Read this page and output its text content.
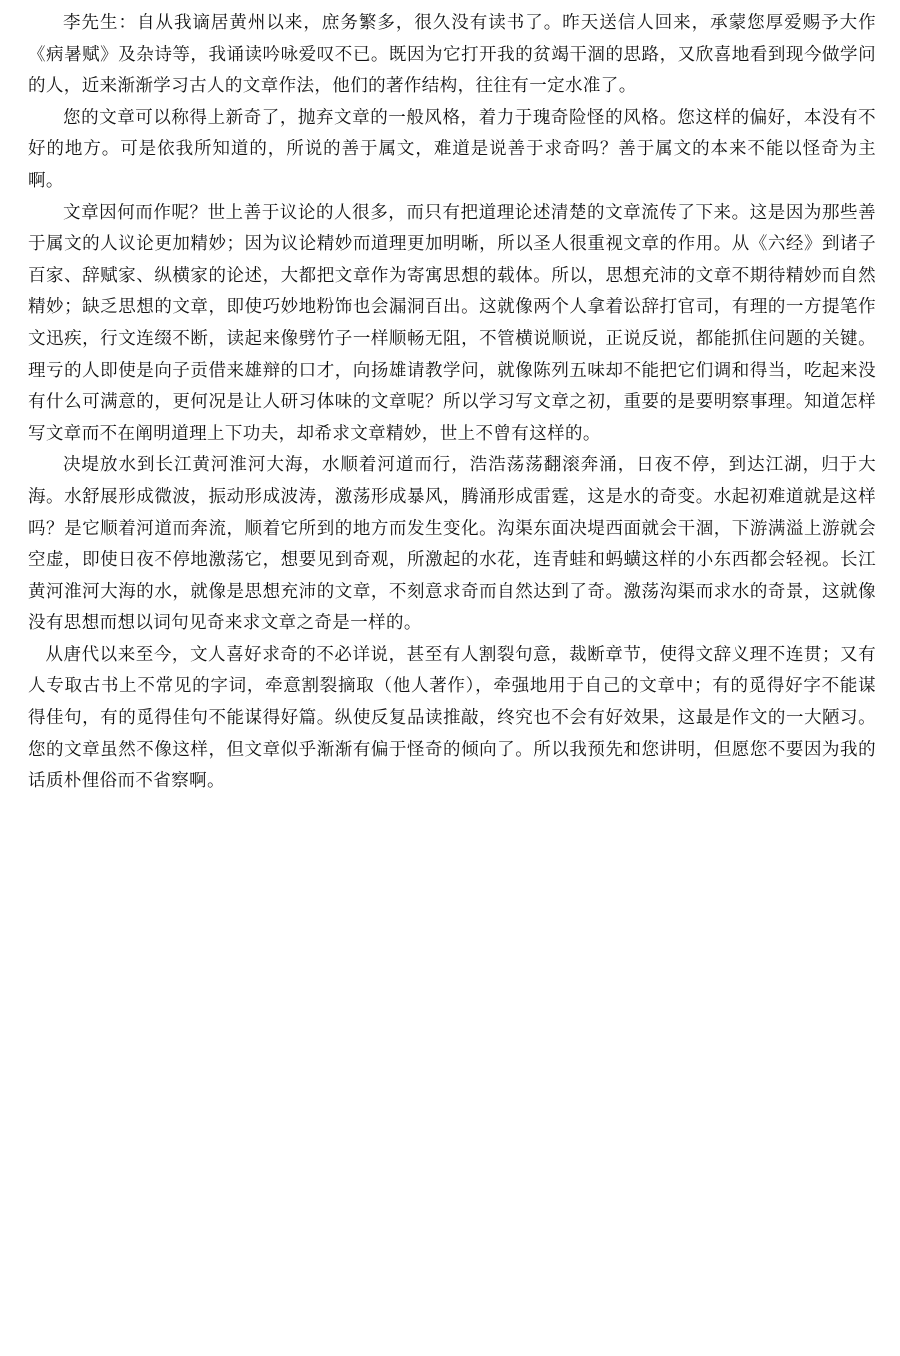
李先生：自从我谪居黄州以来，庶务繁多，很久没有读书了。昨天送信人回来，承蒙您厚爱赐予大作《病暑赋》及杂诗等，我诵读吟咏爱叹不已。既因为它打开我的贫竭干涸的思路，又欣喜地看到现今做学问的人，近来渐渐学习古人的文章作法，他们的著作结构，往往有一定水准了。

您的文章可以称得上新奇了，抛弃文章的一般风格，着力于瑰奇险怪的风格。您这样的偏好，本没有不好的地方。可是依我所知道的，所说的善于属文，难道是说善于求奇吗？善于属文的本来不能以怪奇为主啊。

文章因何而作呢？世上善于议论的人很多，而只有把道理论述清楚的文章流传了下来。这是因为那些善于属文的人议论更加精妙；因为议论精妙而道理更加明晰，所以圣人很重视文章的作用。从《六经》到诸子百家、辞赋家、纵横家的论述，大都把文章作为寄寓思想的载体。所以，思想充沛的文章不期待精妙而自然精妙；缺乏思想的文章，即使巧妙地粉饰也会漏洞百出。这就像两个人拿着讼辞打官司，有理的一方提笔作文迅疾，行文连缀不断，读起来像劈竹子一样顺畅无阻，不管横说顺说，正说反说，都能抓住问题的关键。理亏的人即使是向子贡借来雄辩的口才，向扬雄请教学问，就像陈列五味却不能把它们调和得当，吃起来没有什么可满意的，更何况是让人研习体味的文章呢？所以学习写文章之初，重要的是要明察事理。知道怎样写文章而不在阐明道理上下功夫，却希求文章精妙，世上不曾有这样的。

决堤放水到长江黄河淮河大海，水顺着河道而行，浩浩荡荡翻滚奔涌，日夜不停，到达江湖，归于大海。水舒展形成微波，振动形成波涛，激荡形成暴风，腾涌形成雷霆，这是水的奇变。水起初难道就是这样吗？是它顺着河道而奔流，顺着它所到的地方而发生变化。沟渠东面决堤西面就会干涸，下游满溢上游就会空虚，即使日夜不停地激荡它，想要见到奇观，所激起的水花，连青蛙和蚂蟥这样的小东西都会轻视。长江黄河淮河大海的水，就像是思想充沛的文章，不刻意求奇而自然达到了奇。激荡沟渠而求水的奇景，这就像没有思想而想以词句见奇来求文章之奇是一样的。

从唐代以来至今，文人喜好求奇的不必详说，甚至有人割裂句意，裁断章节，使得文辞义理不连贯；又有人专取古书上不常见的字词，牵意割裂摘取（他人著作），牵强地用于自己的文章中；有的觅得好字不能谋得佳句，有的觅得佳句不能谋得好篇。纵使反复品读推敲，终究也不会有好效果，这最是作文的一大陋习。您的文章虽然不像这样，但文章似乎渐渐有偏于怪奇的倾向了。所以我预先和您讲明，但愿您不要因为我的话质朴俚俗而不省察啊。
